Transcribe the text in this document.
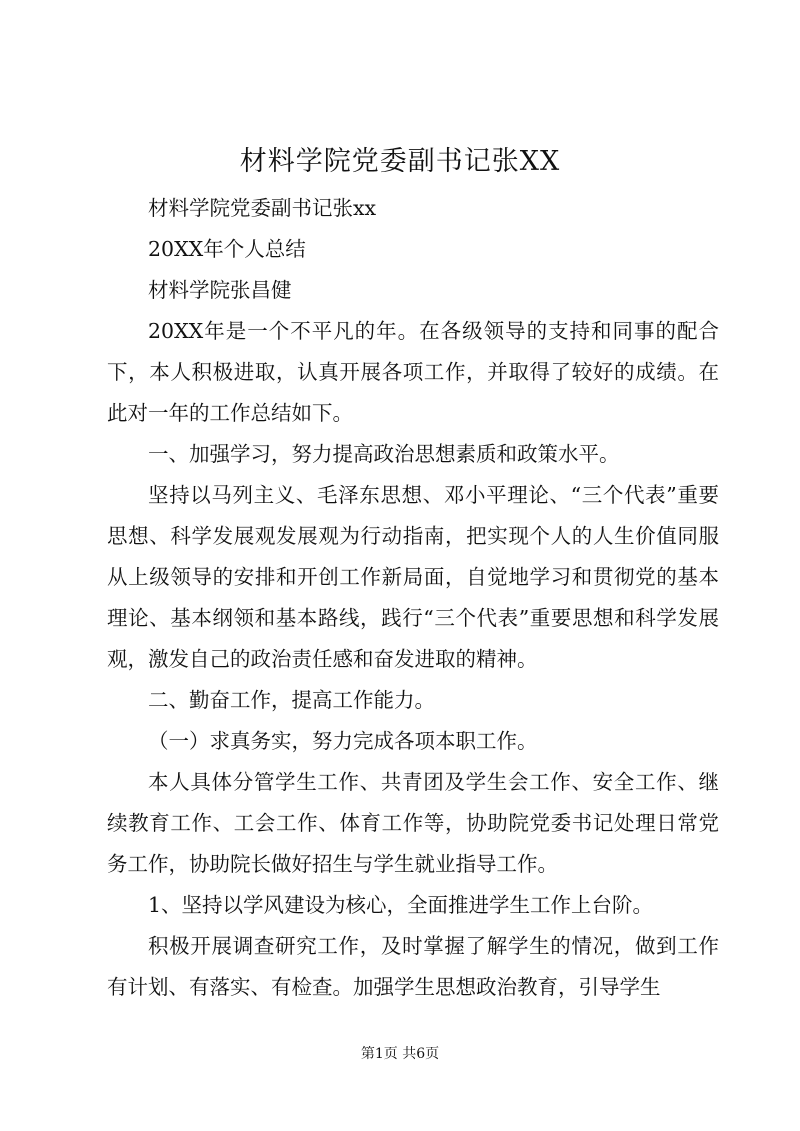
材料学院党委副书记张XX

材料学院党委副书记张xx

20XX年个人总结

材料学院张昌健

20XX年是一个不平凡的年。在各级领导的支持和同事的配合下，本人积极进取，认真开展各项工作，并取得了较好的成绩。在此对一年的工作总结如下。

一、加强学习，努力提高政治思想素质和政策水平。

坚持以马列主义、毛泽东思想、邓小平理论、“三个代表”重要思想、科学发展观发展观为行动指南，把实现个人的人生价值同服从上级领导的安排和开创工作新局面，自觉地学习和贯彻党的基本理论、基本纲领和基本路线，践行“三个代表”重要思想和科学发展观，激发自己的政治责任感和奋发进取的精神。

二、勤奋工作，提高工作能力。

（一）求真务实，努力完成各项本职工作。

本人具体分管学生工作、共青团及学生会工作、安全工作、继续教育工作、工会工作、体育工作等，协助院党委书记处理日常党务工作，协助院长做好招生与学生就业指导工作。

1、坚持以学风建设为核心，全面推进学生工作上台阶。

积极开展调查研究工作，及时掌握了解学生的情况，做到工作有计划、有落实、有检查。加强学生思想政治教育，引导学生

第1页 共6页
